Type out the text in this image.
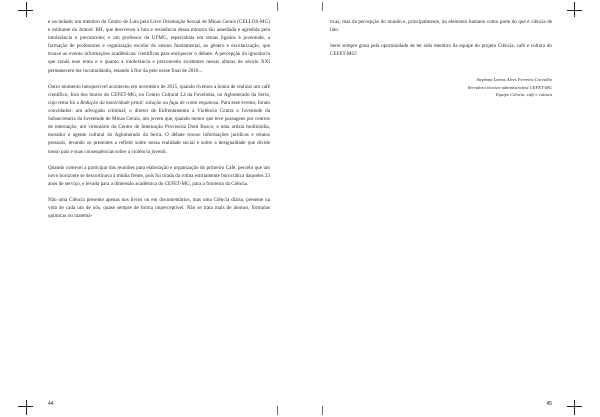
e sociedade; um membro do Centro de Luta pela Livre Orientação Sexual de Minas Gerais (CELLOS-MG) e militante do Juntos! BH, que descreveu a luta e resistência dessa minoria tão assediada e agredida pela intolerância e preconceito; e um professor da UFMG, especialista em temas ligados à juventude, a formação de professores e organização escolar do ensino fundamental, ao gênero e escolarização, que trouxe ao evento informações acadêmicas/ científicas para enriquecer o debate. A percepção da ignorância que ronda esse tema e o quanto a intolerância e preconceito existentes nessas alturas do século XXI permanecem me incomodando, estando à flor da pele nesse final de 2018...

Outro momento inesquecível aconteceu em novembro de 2015, quando tivemos a honra de realizar um café científico, fora dos muros do CEFET-MG, no Centro Cultural Lá da Favelinha, no Aglomerado da Serra, cujo tema foi a Redução da maioridade penal: solução ou fuga de conta enganosa. Para esse evento, foram convidados: um advogado criminal; o diretor de Enfrentamento à Violência Contra a Juventude da Subsecretaria da Juventude de Minas Gerais, um jovem que, quando menor que teve passagens por centros de internação; um voluntário do Centro de Internação Provisória Dom Bosco; e uma artista multimídia, morador e agente cultural do Aglomerado da Serra. O debate trouxe informações jurídicas e relatos pessoais, levando os presentes a refletir sobre nossa realidade social e sobre a desigualdade que divide nosso país e suas consequências sobre a violência juvenil.

Quando comecei a participar das reuniões para elaboração e organização do primeiro Café, percebi que um novo horizonte se descortinava à minha frente, pois fui tirada da rotina estritamente burocrática daqueles 23 anos de serviço, e levada para a dimensão acadêmica do CEFET-MG, para a fronteira da Ciência.

Não uma Ciência presente apenas nos livros ou em documentários, mas uma Ciência diária, presente na vida de cada um de nós, quase sempre de forma imperceptível. Não se trata mais de átomos, fórmulas químicas ou matemá-

44

ticas, mas da percepção do mundo e, principalmente, do elemento humano como parte do que é ciência de fato.

Serei sempre grata pela oportunidade de ter sido membro da equipe do projeto Ciência, café e cultura do CEFET-MG!

Stephani Lemos Alves Ferreira Carvalho
Servidora técnico-administrativa CEFET-MG
Equipe Ciência, café e cultura
45
